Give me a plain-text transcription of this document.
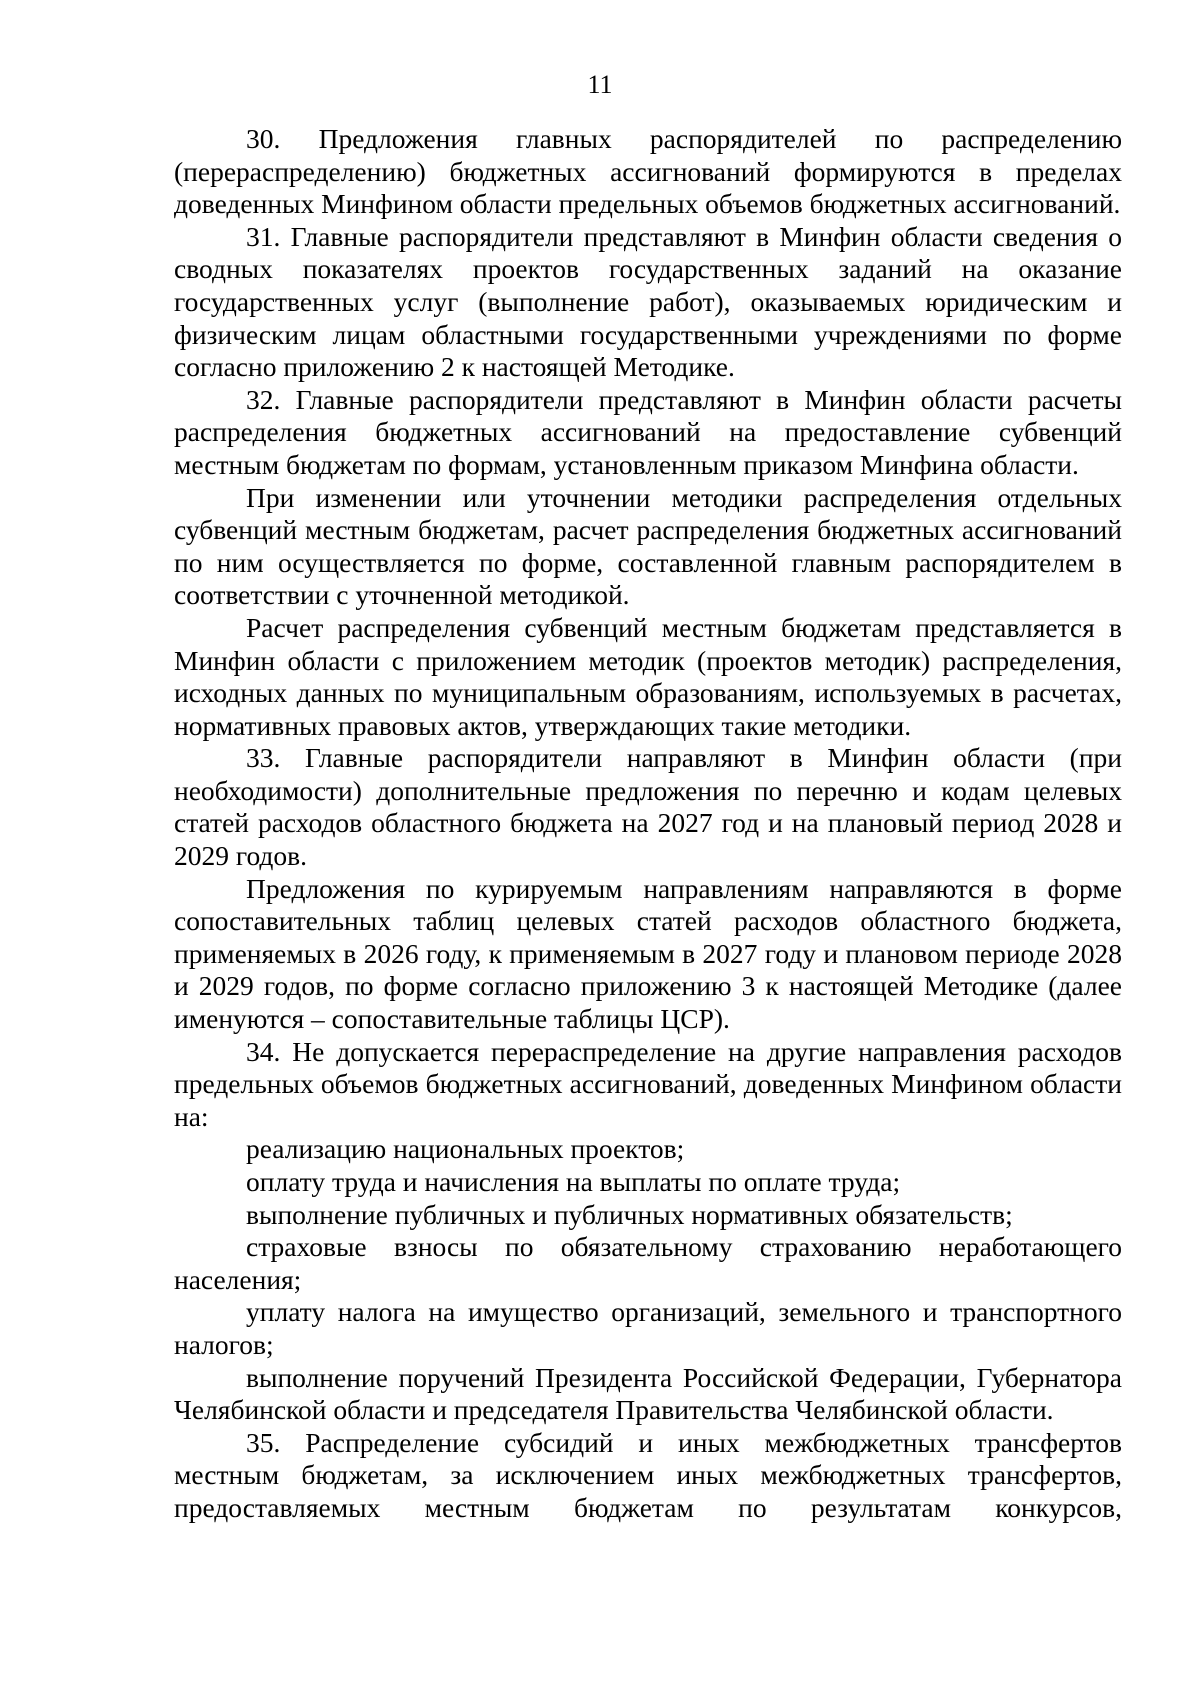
11

30. Предложения главных распорядителей по распределению (перераспределению) бюджетных ассигнований формируются в пределах доведенных Минфином области предельных объемов бюджетных ассигнований.

31. Главные распорядители представляют в Минфин области сведения о сводных показателях проектов государственных заданий на оказание государственных услуг (выполнение работ), оказываемых юридическим и физическим лицам областными государственными учреждениями по форме согласно приложению 2 к настоящей Методике.

32. Главные распорядители представляют в Минфин области расчеты распределения бюджетных ассигнований на предоставление субвенций местным бюджетам по формам, установленным приказом Минфина области.

При изменении или уточнении методики распределения отдельных субвенций местным бюджетам, расчет распределения бюджетных ассигнований по ним осуществляется по форме, составленной главным распорядителем в соответствии с уточненной методикой.

Расчет распределения субвенций местным бюджетам представляется в Минфин области с приложением методик (проектов методик) распределения, исходных данных по муниципальным образованиям, используемых в расчетах, нормативных правовых актов, утверждающих такие методики.

33. Главные распорядители направляют в Минфин области (при необходимости) дополнительные предложения по перечню и кодам целевых статей расходов областного бюджета на 2027 год и на плановый период 2028 и 2029 годов.

Предложения по курируемым направлениям направляются в форме сопоставительных таблиц целевых статей расходов областного бюджета, применяемых в 2026 году, к применяемым в 2027 году и плановом периоде 2028 и 2029 годов, по форме согласно приложению 3 к настоящей Методике (далее именуются – сопоставительные таблицы ЦСР).

34. Не допускается перераспределение на другие направления расходов предельных объемов бюджетных ассигнований, доведенных Минфином области на:

реализацию национальных проектов;

оплату труда и начисления на выплаты по оплате труда;

выполнение публичных и публичных нормативных обязательств;

страховые взносы по обязательному страхованию неработающего населения;

уплату налога на имущество организаций, земельного и транспортного налогов;

выполнение поручений Президента Российской Федерации, Губернатора Челябинской области и председателя Правительства Челябинской области.

35. Распределение субсидий и иных межбюджетных трансфертов местным бюджетам, за исключением иных межбюджетных трансфертов, предоставляемых местным бюджетам по результатам конкурсов,
